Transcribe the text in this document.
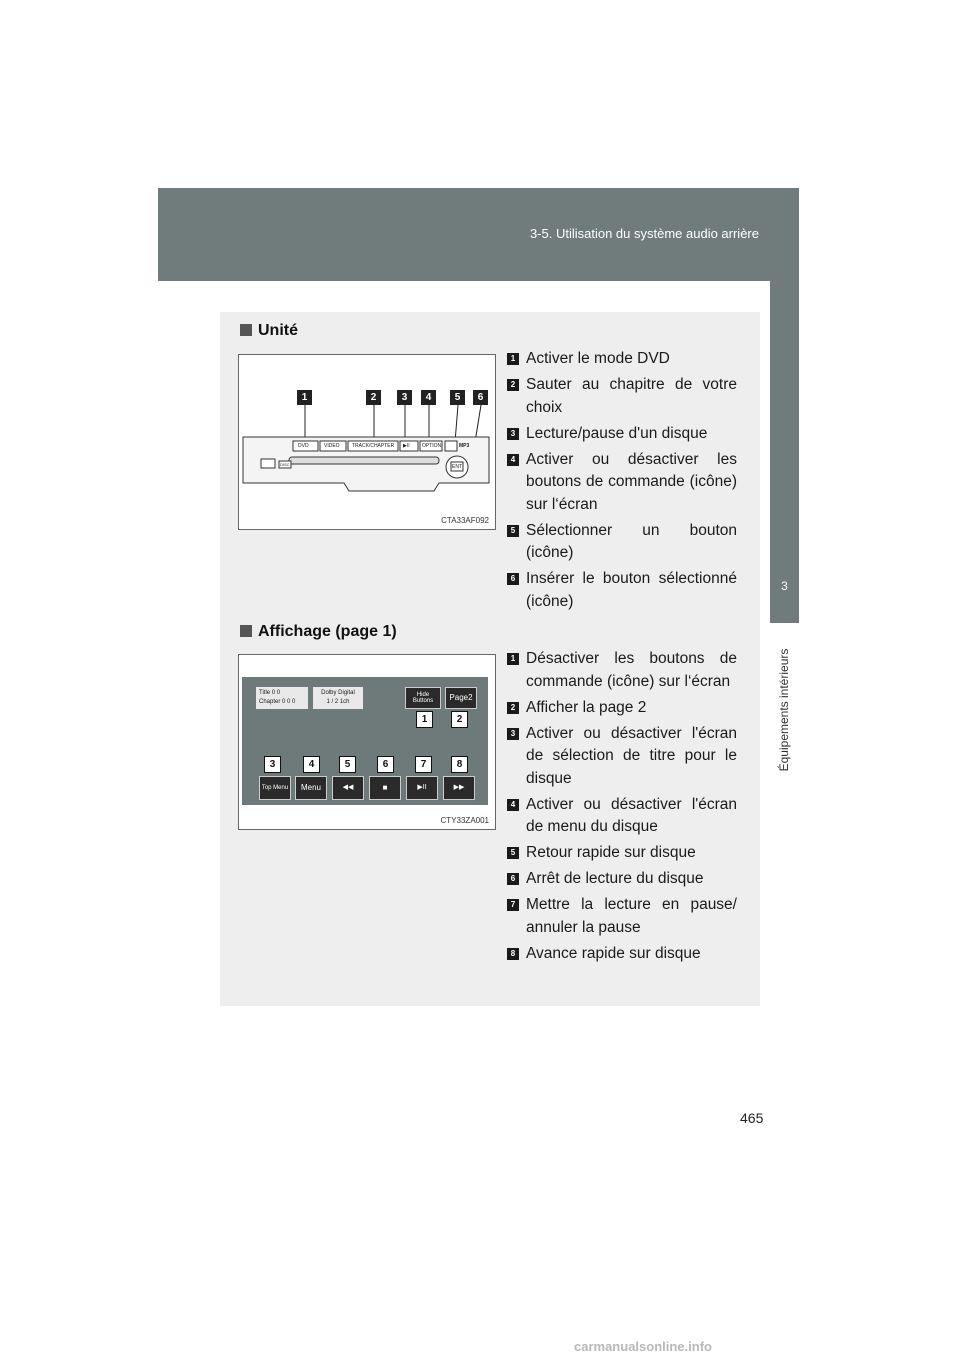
3-5. Utilisation du système audio arrière
3
Équipements intérieurs
Unité
DVD	VIDEO TRACK/CHAPTER ▶II OPTION	MP3
DISC	ENT
1	2	3	4	5	6
CTA33AF092
1 Activer le mode DVD
2 Sauter au chapitre de votre choix
3 Lecture/pause d'un disque
4 Activer ou désactiver les boutons de commande (icône) sur l‘écran
5 Sélectionner un bouton (icône)
6 Insérer le bouton sélectionné (icône)
Affichage (page 1)
Title 0 0
Chapter 0 0 0
Dolby Digital
1 / 2 1ch
Hide Buttons	Page2
1	2
3	4	5	6	7	8
Top Menu	Menu	◀◀	■	▶II	▶▶
CTY33ZA001
1 Désactiver les boutons de commande (icône) sur l‘écran
2 Afficher la page 2
3 Activer ou désactiver l'écran de sélection de titre pour le disque
4 Activer ou désactiver l'écran de menu du disque
5 Retour rapide sur disque
6 Arrêt de lecture du disque
7 Mettre la lecture en pause/ annuler la pause
8 Avance rapide sur disque
465
carmanualsonline.info
